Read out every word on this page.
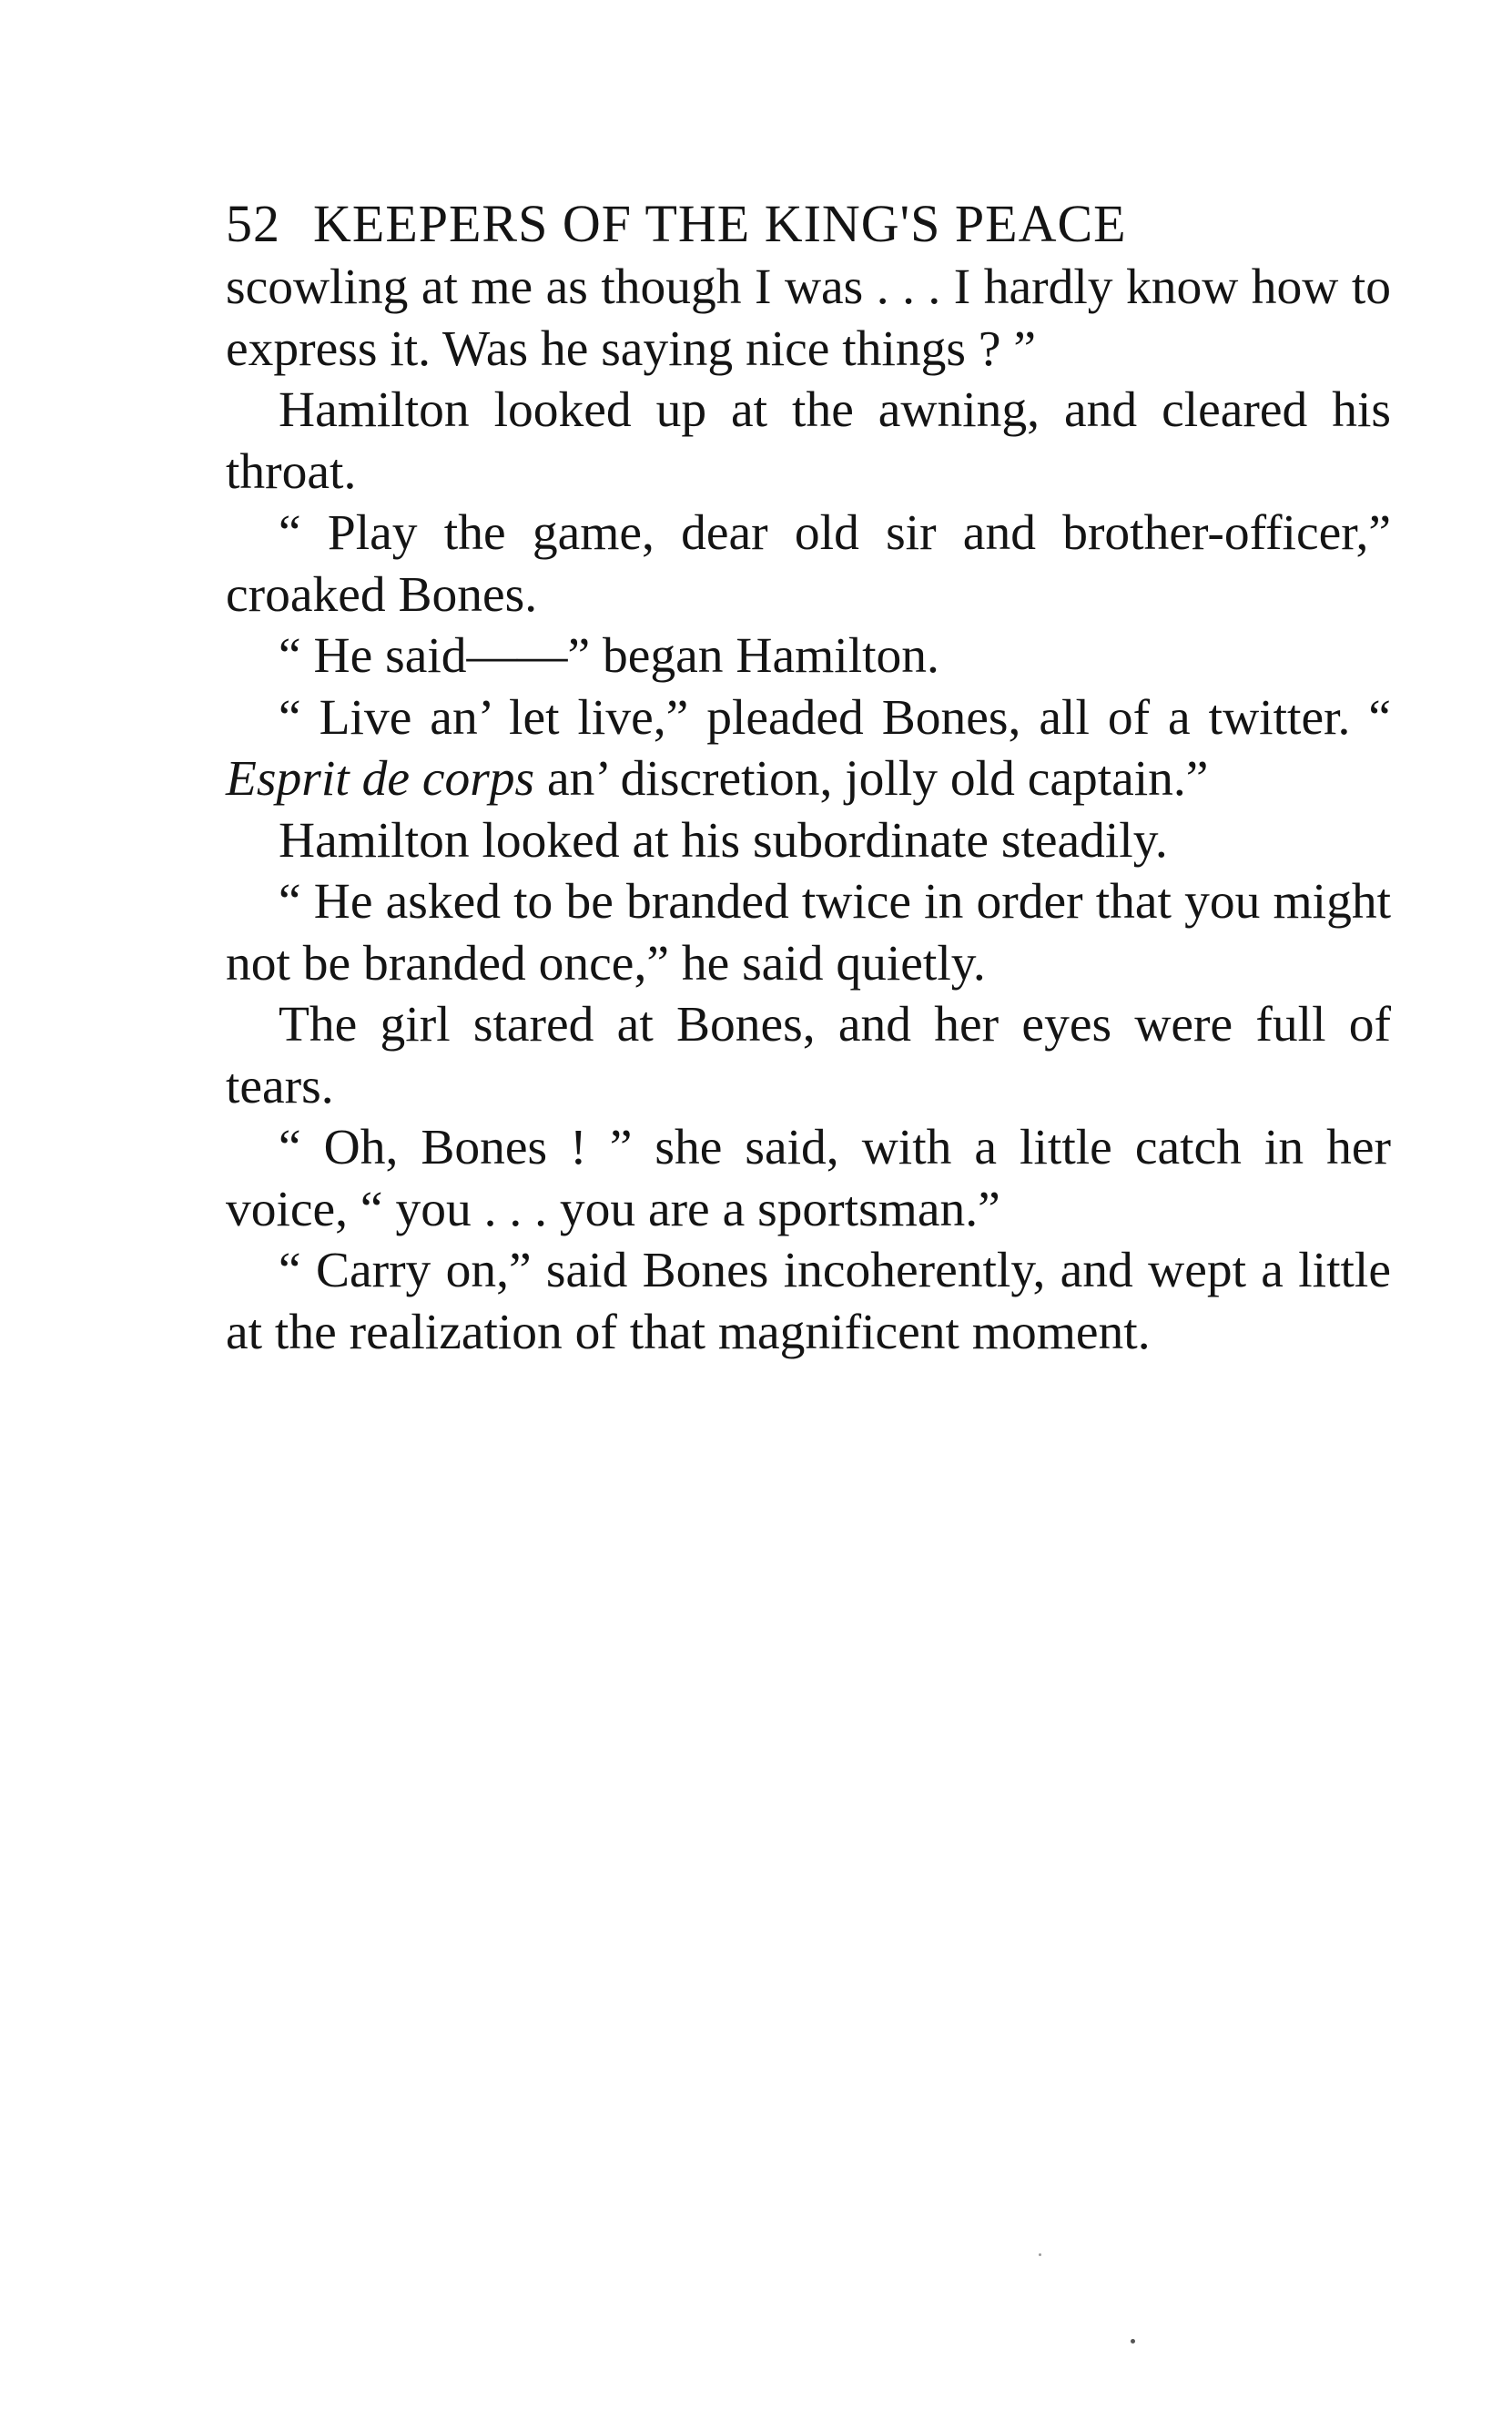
52 KEEPERS OF THE KING'S PEACE

scowling at me as though I was . . . I hardly know how to express it. Was he saying nice things ? ”

Hamilton looked up at the awning, and cleared his throat.

“ Play the game, dear old sir and brother-officer,” croaked Bones.

“ He said——” began Hamilton.

“ Live an’ let live,” pleaded Bones, all of a twitter. “ Esprit de corps an’ discretion, jolly old captain.”

Hamilton looked at his subordinate steadily.

“ He asked to be branded twice in order that you might not be branded once,” he said quietly.

The girl stared at Bones, and her eyes were full of tears.

“ Oh, Bones ! ” she said, with a little catch in her voice, “ you . . . you are a sportsman.”

“ Carry on,” said Bones incoherently, and wept a little at the realization of that magnificent moment.
